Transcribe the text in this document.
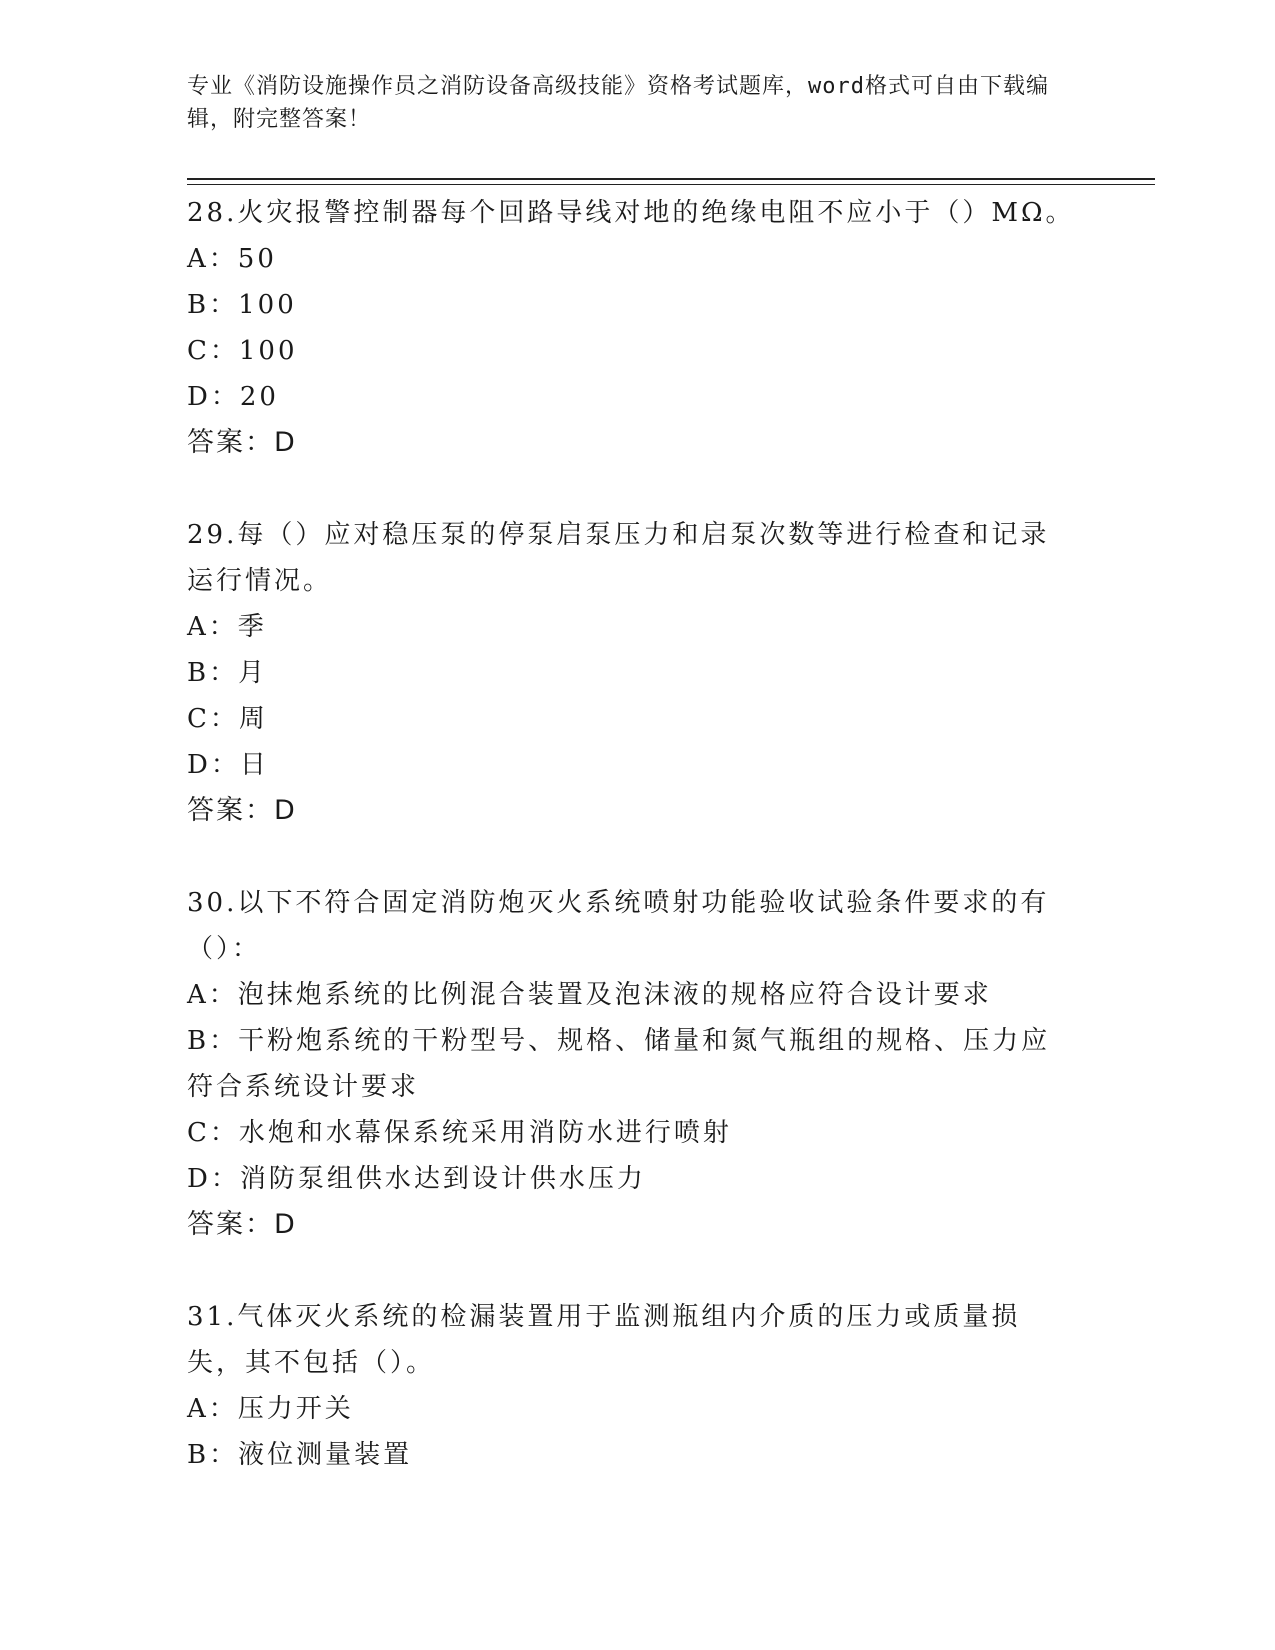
专业《消防设施操作员之消防设备高级技能》资格考试题库，word格式可自由下载编辑，附完整答案！
28.火灾报警控制器每个回路导线对地的绝缘电阻不应小于（）MΩ。
A：50
B：100
C：100
D：20
答案：D
29.每（）应对稳压泵的停泵启泵压力和启泵次数等进行检查和记录运行情况。
A：季
B：月
C：周
D：日
答案：D
30.以下不符合固定消防炮灭火系统喷射功能验收试验条件要求的有（）：
A：泡抹炮系统的比例混合装置及泡沫液的规格应符合设计要求
B：干粉炮系统的干粉型号、规格、储量和氮气瓶组的规格、压力应符合系统设计要求
C：水炮和水幕保系统采用消防水进行喷射
D：消防泵组供水达到设计供水压力
答案：D
31.气体灭火系统的检漏装置用于监测瓶组内介质的压力或质量损失，其不包括（）。
A：压力开关
B：液位测量装置
